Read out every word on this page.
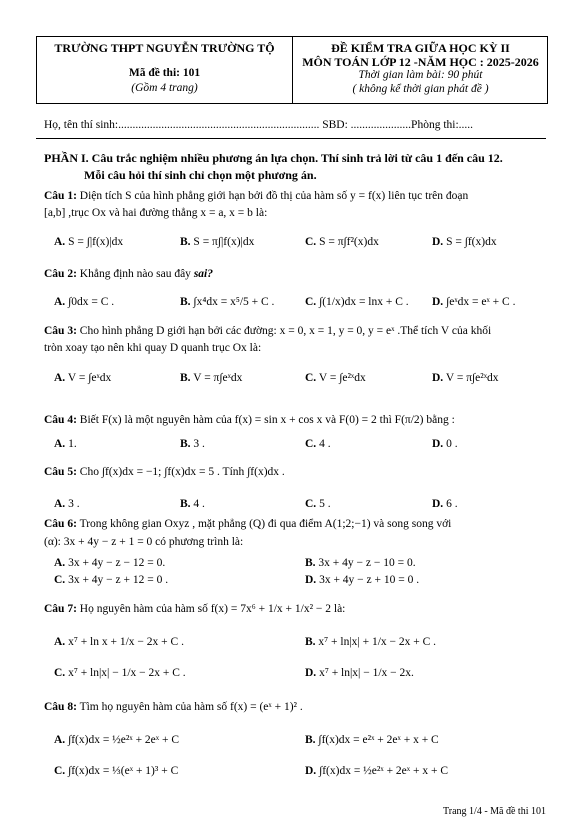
TRƯỜNG THPT NGUYỄN TRƯỜNG TỘ
Mã đề thi: 101
(Gồm 4 trang)
ĐỀ KIỂM TRA GIỮA HỌC KỲ II
MÔN TOÁN LỚP 12 -NĂM HỌC : 2025-2026
Thời gian làm bài: 90 phút
( không kể thời gian phát đề )
Họ, tên thí sinh:...................................................................... SBD: .....................Phòng thi:.....
PHẦN I. Câu trắc nghiệm nhiều phương án lựa chọn. Thí sinh trả lời từ câu 1 đến câu 12.
Mỗi câu hỏi thí sinh chỉ chọn một phương án.
Câu 1: Diện tích S của hình phẳng giới hạn bởi đồ thị của hàm số y = f(x) liên tục trên đoạn
[a,b] ,trục Ox và hai đường thẳng x = a, x = b là:
A. S = ∫|f(x)|dx	B. S = π∫|f(x)|dx	C. S = π∫f²(x)dx	D. S = ∫f(x)dx
Câu 2: Khẳng định nào sau đây sai?
A. ∫0dx = C .	B. ∫x⁴dx = x⁵/5 + C .	C. ∫(1/x)dx = lnx + C . D. ∫eˣdx = eˣ + C .
Câu 3: Cho hình phẳng D giới hạn bởi các đường: x = 0, x = 1, y = 0, y = eˣ .Thể tích V của khối
tròn xoay tạo nên khi quay D quanh trục Ox là:
A. V = ∫eˣdx	B. V = π∫eˣdx	C. V = ∫e²ˣdx	D. V = π∫e²ˣdx
Câu 4: Biết F(x) là một nguyên hàm của f(x) = sin x + cos x và F(0) = 2 thì F(π/2) bằng :
A. 1.	B. 3 .	C. 4 .	D. 0 .
Câu 5: Cho ∫f(x)dx = −1; ∫f(x)dx = 5 . Tính ∫f(x)dx .
A. 3 .	B. 4 .	C. 5 .	D. 6 .
Câu 6: Trong không gian Oxyz , mặt phẳng (Q) đi qua điểm A(1;2;−1) và song song với
(α): 3x + 4y − z + 1 = 0 có phương trình là:
A. 3x + 4y − z − 12 = 0.	B. 3x + 4y − z − 10 = 0.
C. 3x + 4y − z + 12 = 0 .	D. 3x + 4y − z + 10 = 0 .
Câu 7: Họ nguyên hàm của hàm số f(x) = 7x⁶ + 1/x + 1/x² − 2 là:
A. x⁷ + ln x + 1/x − 2x + C .	B. x⁷ + ln|x| + 1/x − 2x + C .
C. x⁷ + ln|x| − 1/x − 2x + C .	D. x⁷ + ln|x| − 1/x − 2x.
Câu 8: Tìm họ nguyên hàm của hàm số f(x) = (eˣ + 1)² .
A. ∫f(x)dx = ½e²ˣ + 2eˣ + C	B. ∫f(x)dx = e²ˣ + 2eˣ + x + C
C. ∫f(x)dx = ⅓(eˣ + 1)³ + C	D. ∫f(x)dx = ½e²ˣ + 2eˣ + x + C
Trang 1/4 - Mã đề thi 101
